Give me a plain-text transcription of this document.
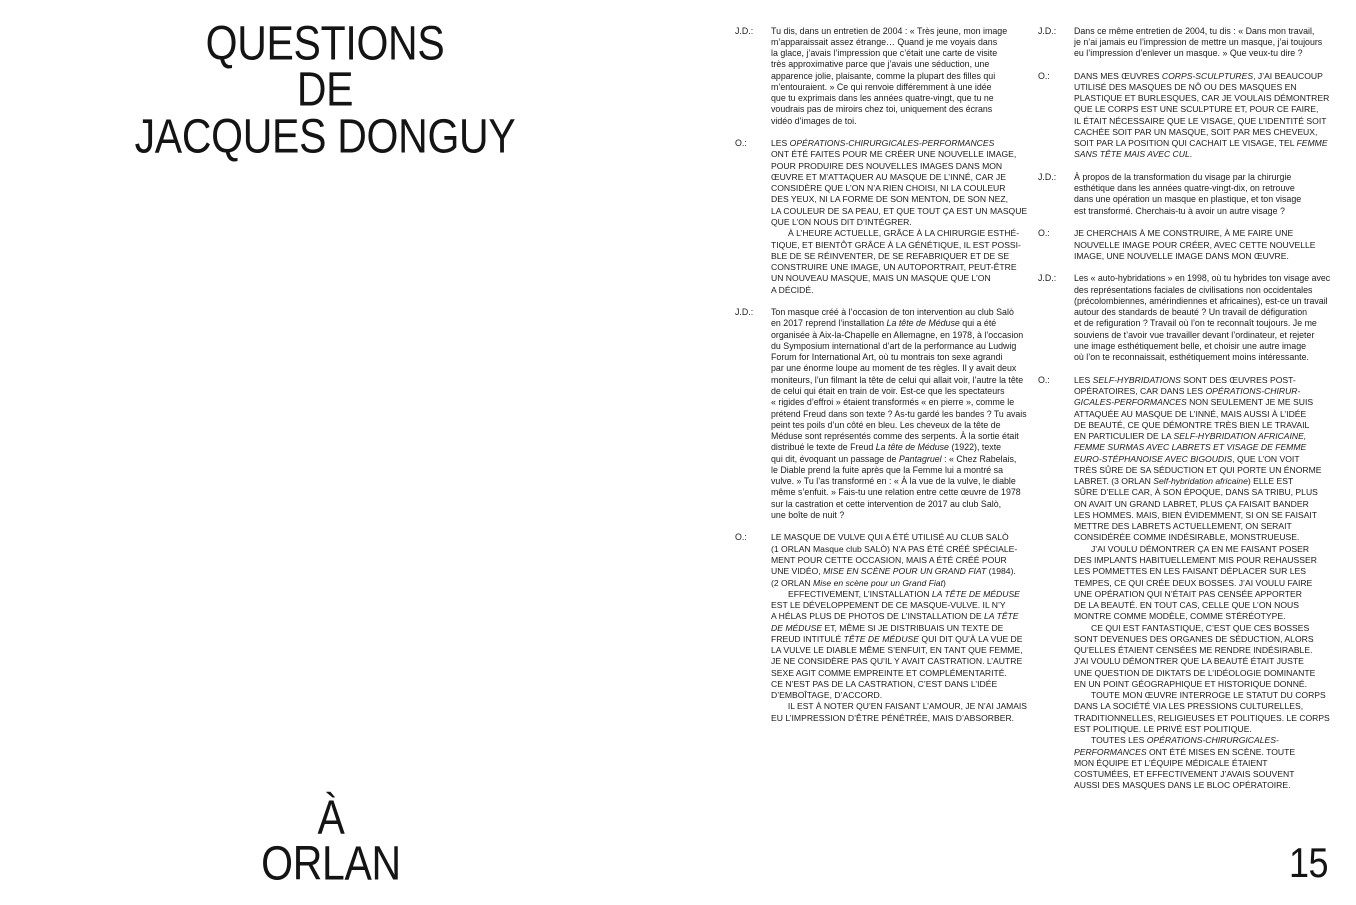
QUESTIONS
DE
JACQUES DONGUY
À
ORLAN
J.D.:	Tu dis, dans un entretien de 2004 : « Très jeune, mon image
m’apparaissait assez étrange… Quand je me voyais dans
la glace, j’avais l’impression que c’était une carte de visite
très approximative parce que j’avais une séduction, une
apparence jolie, plaisante, comme la plupart des filles qui
m’entouraient. » Ce qui renvoie différemment à une idée
que tu exprimais dans les années quatre-vingt, que tu ne
voudrais pas de miroirs chez toi, uniquement des écrans
vidéo d’images de toi.
O.:	LES OPÉRATIONS-CHIRURGICALES-PERFORMANCES
ONT ÉTÉ FAITES POUR ME CRÉER UNE NOUVELLE IMAGE,
POUR PRODUIRE DES NOUVELLES IMAGES DANS MON
ŒUVRE ET M’ATTAQUER AU MASQUE DE L’INNÉ, CAR JE
CONSIDÈRE QUE L’ON N’A RIEN CHOISI, NI LA COULEUR
DES YEUX, NI LA FORME DE SON MENTON, DE SON NEZ,
LA COULEUR DE SA PEAU, ET QUE TOUT ÇA EST UN MASQUE
QUE L’ON NOUS DIT D’INTÉGRER.
À L’HEURE ACTUELLE, GRÂCE À LA CHIRURGIE ESTHÉ-
TIQUE, ET BIENTÔT GRÂCE À LA GÉNÉTIQUE, IL EST POSSI-
BLE DE SE RÉINVENTER, DE SE REFABRIQUER ET DE SE
CONSTRUIRE UNE IMAGE, UN AUTOPORTRAIT, PEUT-ÊTRE
UN NOUVEAU MASQUE, MAIS UN MASQUE QUE L’ON
A DÉCIDÉ.
J.D.:	Ton masque créé à l’occasion de ton intervention au club Salò
en 2017 reprend l’installation La tête de Méduse qui a été
organisée à Aix-la-Chapelle en Allemagne, en 1978, à l’occasion
du Symposium international d’art de la performance au Ludwig
Forum for International Art, où tu montrais ton sexe agrandi
par une énorme loupe au moment de tes règles. Il y avait deux
moniteurs, l’un filmant la tête de celui qui allait voir, l’autre la tête
de celui qui était en train de voir. Est-ce que les spectateurs
« rigides d’effroi » étaient transformés « en pierre », comme le
prétend Freud dans son texte ? As-tu gardé les bandes ? Tu avais
peint tes poils d’un côté en bleu. Les cheveux de la tête de
Méduse sont représentés comme des serpents. À la sortie était
distribué le texte de Freud La tête de Méduse (1922), texte
qui dit, évoquant un passage de Pantagruel : « Chez Rabelais,
le Diable prend la fuite après que la Femme lui a montré sa
vulve. » Tu l’as transformé en : « À la vue de la vulve, le diable
même s’enfuit. » Fais-tu une relation entre cette œuvre de 1978
sur la castration et cette intervention de 2017 au club Salò,
une boîte de nuit ?
O.:	LE MASQUE DE VULVE QUI A ÉTÉ UTILISÉ AU CLUB SALÒ
(1 ORLAN Masque club SALÒ) N’A PAS ÉTÉ CRÉÉ SPÉCIALE-
MENT POUR CETTE OCCASION, MAIS A ÉTÉ CRÉÉ POUR
UNE VIDÉO, MISE EN SCÈNE POUR UN GRAND FIAT (1984).
(2 ORLAN Mise en scène pour un Grand Fiat)
EFFECTIVEMENT, L’INSTALLATION LA TÊTE DE MÉDUSE
EST LE DÉVELOPPEMENT DE CE MASQUE-VULVE. IL N’Y
A HÉLAS PLUS DE PHOTOS DE L’INSTALLATION DE LA TÊTE
DE MÉDUSE ET, MÊME SI JE DISTRIBUAIS UN TEXTE DE
FREUD INTITULÉ TÊTE DE MÉDUSE QUI DIT QU’À LA VUE DE
LA VULVE LE DIABLE MÊME S’ENFUIT, EN TANT QUE FEMME,
JE NE CONSIDÈRE PAS QU’IL Y AVAIT CASTRATION. L’AUTRE
SEXE AGIT COMME EMPREINTE ET COMPLÉMENTARITÉ.
CE N’EST PAS DE LA CASTRATION, C’EST DANS L’IDÉE
D’EMBOÎTAGE, D’ACCORD.
IL EST À NOTER QU’EN FAISANT L’AMOUR, JE N’AI JAMAIS
EU L’IMPRESSION D’ÊTRE PÉNÉTRÉE, MAIS D’ABSORBER.
J.D.:	Dans ce même entretien de 2004, tu dis : « Dans mon travail,
je n’ai jamais eu l’impression de mettre un masque, j’ai toujours
eu l’impression d’enlever un masque. » Que veux-tu dire ?
O.:	DANS MES ŒUVRES CORPS-SCULPTURES, J’AI BEAUCOUP
UTILISÉ DES MASQUES DE NÔ OU DES MASQUES EN
PLASTIQUE ET BURLESQUES, CAR JE VOULAIS DÉMONTRER
QUE LE CORPS EST UNE SCULPTURE ET, POUR CE FAIRE,
IL ÉTAIT NÉCESSAIRE QUE LE VISAGE, QUE L’IDENTITÉ SOIT
CACHÉE SOIT PAR UN MASQUE, SOIT PAR MES CHEVEUX,
SOIT PAR LA POSITION QUI CACHAIT LE VISAGE, TEL FEMME
SANS TÊTE MAIS AVEC CUL.
J.D.:	À propos de la transformation du visage par la chirurgie
esthétique dans les années quatre-vingt-dix, on retrouve
dans une opération un masque en plastique, et ton visage
est transformé. Cherchais-tu à avoir un autre visage ?
O.:	JE CHERCHAIS À ME CONSTRUIRE, À ME FAIRE UNE
NOUVELLE IMAGE POUR CRÉER, AVEC CETTE NOUVELLE
IMAGE, UNE NOUVELLE IMAGE DANS MON ŒUVRE.
J.D.:	Les « auto-hybridations » en 1998, où tu hybrides ton visage avec
des représentations faciales de civilisations non occidentales
(précolombiennes, amérindiennes et africaines), est-ce un travail
autour des standards de beauté ? Un travail de défiguration
et de refiguration ? Travail où l’on te reconnaît toujours. Je me
souviens de t’avoir vue travailler devant l’ordinateur, et rejeter
une image esthétiquement belle, et choisir une autre image
où l’on te reconnaissait, esthétiquement moins intéressante.
O.:	LES SELF-HYBRIDATIONS SONT DES ŒUVRES POST-
OPÉRATOIRES, CAR DANS LES OPÉRATIONS-CHIRUR-
GICALES-PERFORMANCES NON SEULEMENT JE ME SUIS
ATTAQUÉE AU MASQUE DE L’INNÉ, MAIS AUSSI À L’IDÉE
DE BEAUTÉ, CE QUE DÉMONTRE TRÈS BIEN LE TRAVAIL
EN PARTICULIER DE LA SELF-HYBRIDATION AFRICAINE,
FEMME SURMAS AVEC LABRETS ET VISAGE DE FEMME
EURO-STÉPHANOISE AVEC BIGOUDIS, QUE L’ON VOIT
TRÈS SÛRE DE SA SÉDUCTION ET QUI PORTE UN ÉNORME
LABRET. (3 ORLAN Self-hybridation africaine) ELLE EST
SÛRE D’ELLE CAR, À SON ÉPOQUE, DANS SA TRIBU, PLUS
ON AVAIT UN GRAND LABRET, PLUS ÇA FAISAIT BANDER
LES HOMMES. MAIS, BIEN ÉVIDEMMENT, SI ON SE FAISAIT
METTRE DES LABRETS ACTUELLEMENT, ON SERAIT
CONSIDÉRÉE COMME INDÉSIRABLE, MONSTRUEUSE.
J’AI VOULU DÉMONTRER ÇA EN ME FAISANT POSER
DES IMPLANTS HABITUELLEMENT MIS POUR REHAUSSER
LES POMMETTES EN LES FAISANT DÉPLACER SUR LES
TEMPES, CE QUI CRÉE DEUX BOSSES. J’AI VOULU FAIRE
UNE OPÉRATION QUI N’ÉTAIT PAS CENSÉE APPORTER
DE LA BEAUTÉ. EN TOUT CAS, CELLE QUE L’ON NOUS
MONTRE COMME MODÈLE, COMME STÉRÉOTYPE.
CE QUI EST FANTASTIQUE, C’EST QUE CES BOSSES
SONT DEVENUES DES ORGANES DE SÉDUCTION, ALORS
QU’ELLES ÉTAIENT CENSÉES ME RENDRE INDÉSIRABLE.
J’AI VOULU DÉMONTRER QUE LA BEAUTÉ ÉTAIT JUSTE
UNE QUESTION DE DIKTATS DE L’IDÉOLOGIE DOMINANTE
EN UN POINT GÉOGRAPHIQUE ET HISTORIQUE DONNÉ.
TOUTE MON ŒUVRE INTERROGE LE STATUT DU CORPS
DANS LA SOCIÉTÉ VIA LES PRESSIONS CULTURELLES,
TRADITIONNELLES, RELIGIEUSES ET POLITIQUES. LE CORPS
EST POLITIQUE. LE PRIVÉ EST POLITIQUE.
TOUTES LES OPÉRATIONS-CHIRURGICALES-
PERFORMANCES ONT ÉTÉ MISES EN SCÈNE. TOUTE
MON ÉQUIPE ET L’ÉQUIPE MÉDICALE ÉTAIENT
COSTUMÉES, ET EFFECTIVEMENT J’AVAIS SOUVENT
AUSSI DES MASQUES DANS LE BLOC OPÉRATOIRE.
15
